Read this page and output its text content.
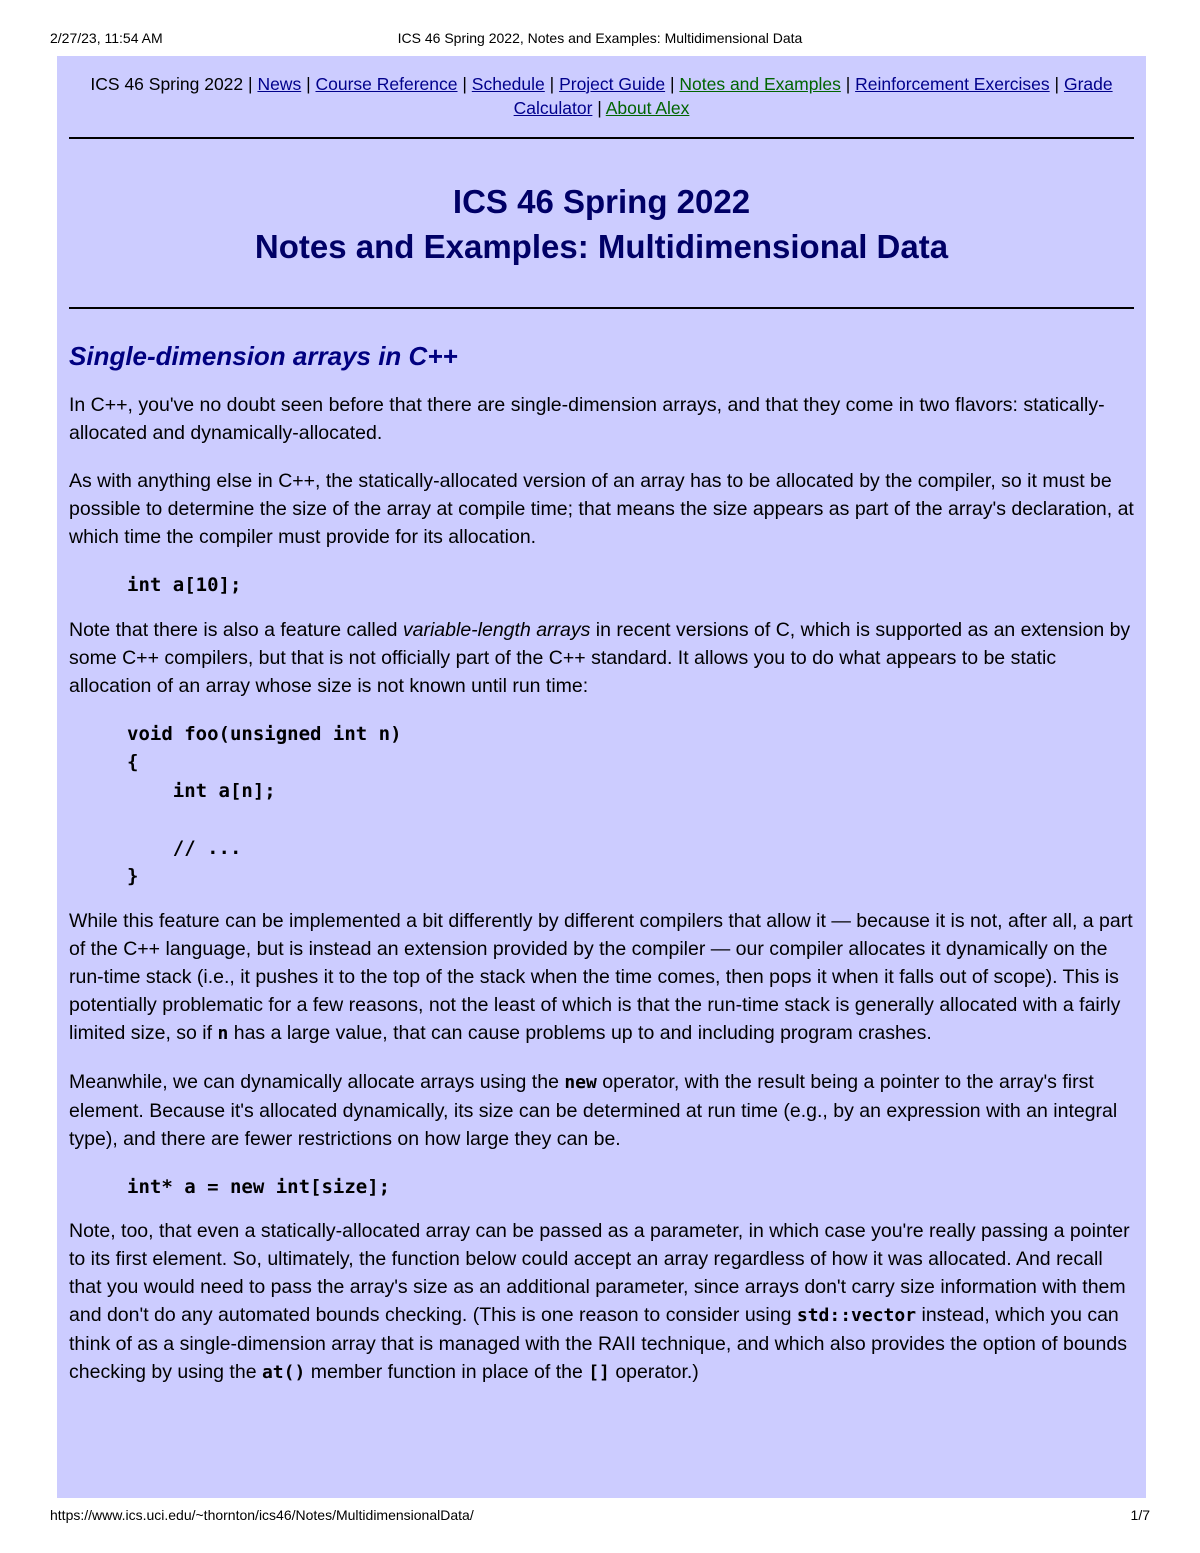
2/27/23, 11:54 AM	ICS 46 Spring 2022, Notes and Examples: Multidimensional Data
ICS 46 Spring 2022 | News | Course Reference | Schedule | Project Guide | Notes and Examples | Reinforcement Exercises | Grade Calculator | About Alex
ICS 46 Spring 2022
Notes and Examples: Multidimensional Data
Single-dimension arrays in C++

In C++, you've no doubt seen before that there are single-dimension arrays, and that they come in two flavors: statically-allocated and dynamically-allocated.

As with anything else in C++, the statically-allocated version of an array has to be allocated by the compiler, so it must be possible to determine the size of the array at compile time; that means the size appears as part of the array's declaration, at which time the compiler must provide for its allocation.

int a[10];

Note that there is also a feature called variable-length arrays in recent versions of C, which is supported as an extension by some C++ compilers, but that is not officially part of the C++ standard. It allows you to do what appears to be static allocation of an array whose size is not known until run time:

void foo(unsigned int n)
{
int a[n];

// ...
}

While this feature can be implemented a bit differently by different compilers that allow it — because it is not, after all, a part of the C++ language, but is instead an extension provided by the compiler — our compiler allocates it dynamically on the run-time stack (i.e., it pushes it to the top of the stack when the time comes, then pops it when it falls out of scope). This is potentially problematic for a few reasons, not the least of which is that the run-time stack is generally allocated with a fairly limited size, so if n has a large value, that can cause problems up to and including program crashes.

Meanwhile, we can dynamically allocate arrays using the new operator, with the result being a pointer to the array's first element. Because it's allocated dynamically, its size can be determined at run time (e.g., by an expression with an integral type), and there are fewer restrictions on how large they can be.

int* a = new int[size];

Note, too, that even a statically-allocated array can be passed as a parameter, in which case you're really passing a pointer to its first element. So, ultimately, the function below could accept an array regardless of how it was allocated. And recall that you would need to pass the array's size as an additional parameter, since arrays don't carry size information with them and don't do any automated bounds checking. (This is one reason to consider using std::vector instead, which you can think of as a single-dimension array that is managed with the RAII technique, and which also provides the option of bounds checking by using the at() member function in place of the [] operator.)

https://www.ics.uci.edu/~thornton/ics46/Notes/MultidimensionalData/	1/7
